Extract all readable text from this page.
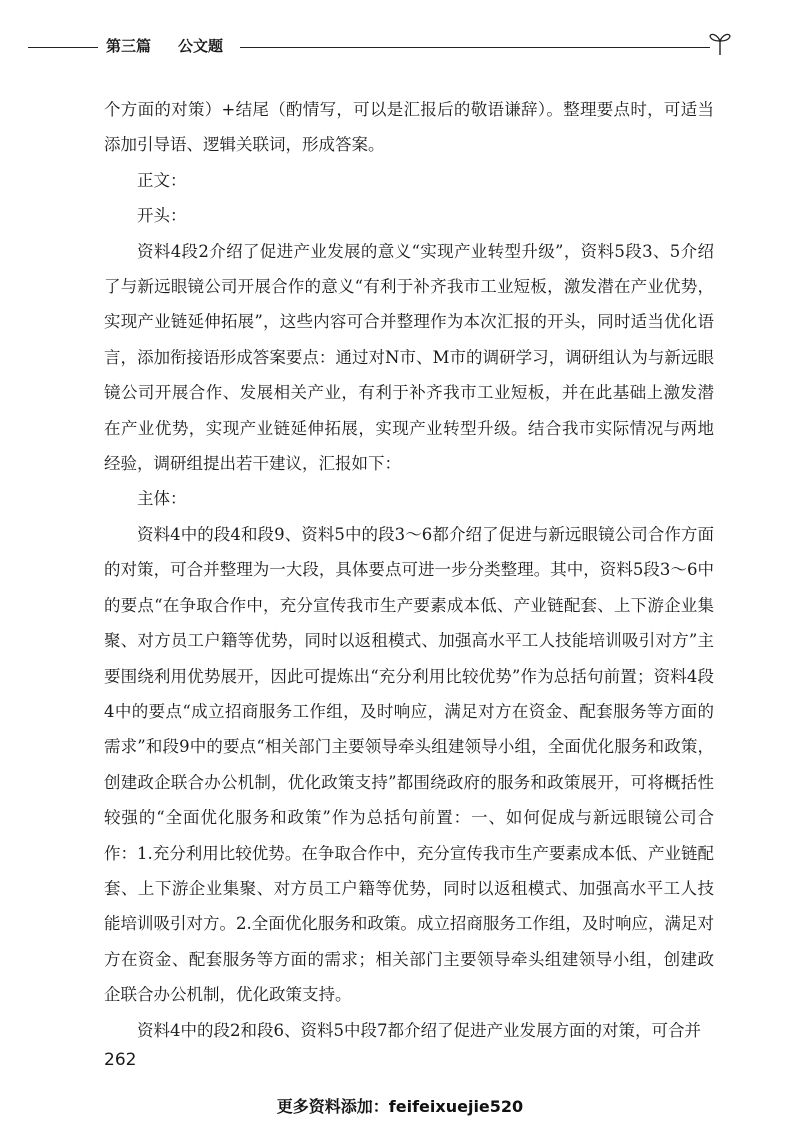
第三篇 公文题

个方面的对策）+结尾（酌情写，可以是汇报后的敬语谦辞）。整理要点时，可适当添加引导语、逻辑关联词，形成答案。

正文：

开头：

资料4段2介绍了促进产业发展的意义“实现产业转型升级”，资料5段3、5介绍了与新远眼镜公司开展合作的意义“有利于补齐我市工业短板，激发潜在产业优势，实现产业链延伸拓展”，这些内容可合并整理作为本次汇报的开头，同时适当优化语言，添加衔接语形成答案要点：通过对N市、M市的调研学习，调研组认为与新远眼镜公司开展合作、发展相关产业，有利于补齐我市工业短板，并在此基础上激发潜在产业优势，实现产业链延伸拓展，实现产业转型升级。结合我市实际情况与两地经验，调研组提出若干建议，汇报如下：

主体：

资料4中的段4和段9、资料5中的段3～6都介绍了促进与新远眼镜公司合作方面的对策，可合并整理为一大段，具体要点可进一步分类整理。其中，资料5段3～6中的要点“在争取合作中，充分宣传我市生产要素成本低、产业链配套、上下游企业集聚、对方员工户籍等优势，同时以返租模式、加强高水平工人技能培训吸引对方”主要围绕利用优势展开，因此可提炼出“充分利用比较优势”作为总括句前置；资料4段4中的要点“成立招商服务工作组，及时响应，满足对方在资金、配套服务等方面的需求”和段9中的要点“相关部门主要领导牵头组建领导小组，全面优化服务和政策，创建政企联合办公机制，优化政策支持”都围绕政府的服务和政策展开，可将概括性较强的“全面优化服务和政策”作为总括句前置：一、如何促成与新远眼镜公司合作：1.充分利用比较优势。在争取合作中，充分宣传我市生产要素成本低、产业链配套、上下游企业集聚、对方员工户籍等优势，同时以返租模式、加强高水平工人技能培训吸引对方。2.全面优化服务和政策。成立招商服务工作组，及时响应，满足对方在资金、配套服务等方面的需求；相关部门主要领导牵头组建领导小组，创建政企联合办公机制，优化政策支持。

资料4中的段2和段6、资料5中段7都介绍了促进产业发展方面的对策，可合并

262
更多资料添加：feifeixuejie520
